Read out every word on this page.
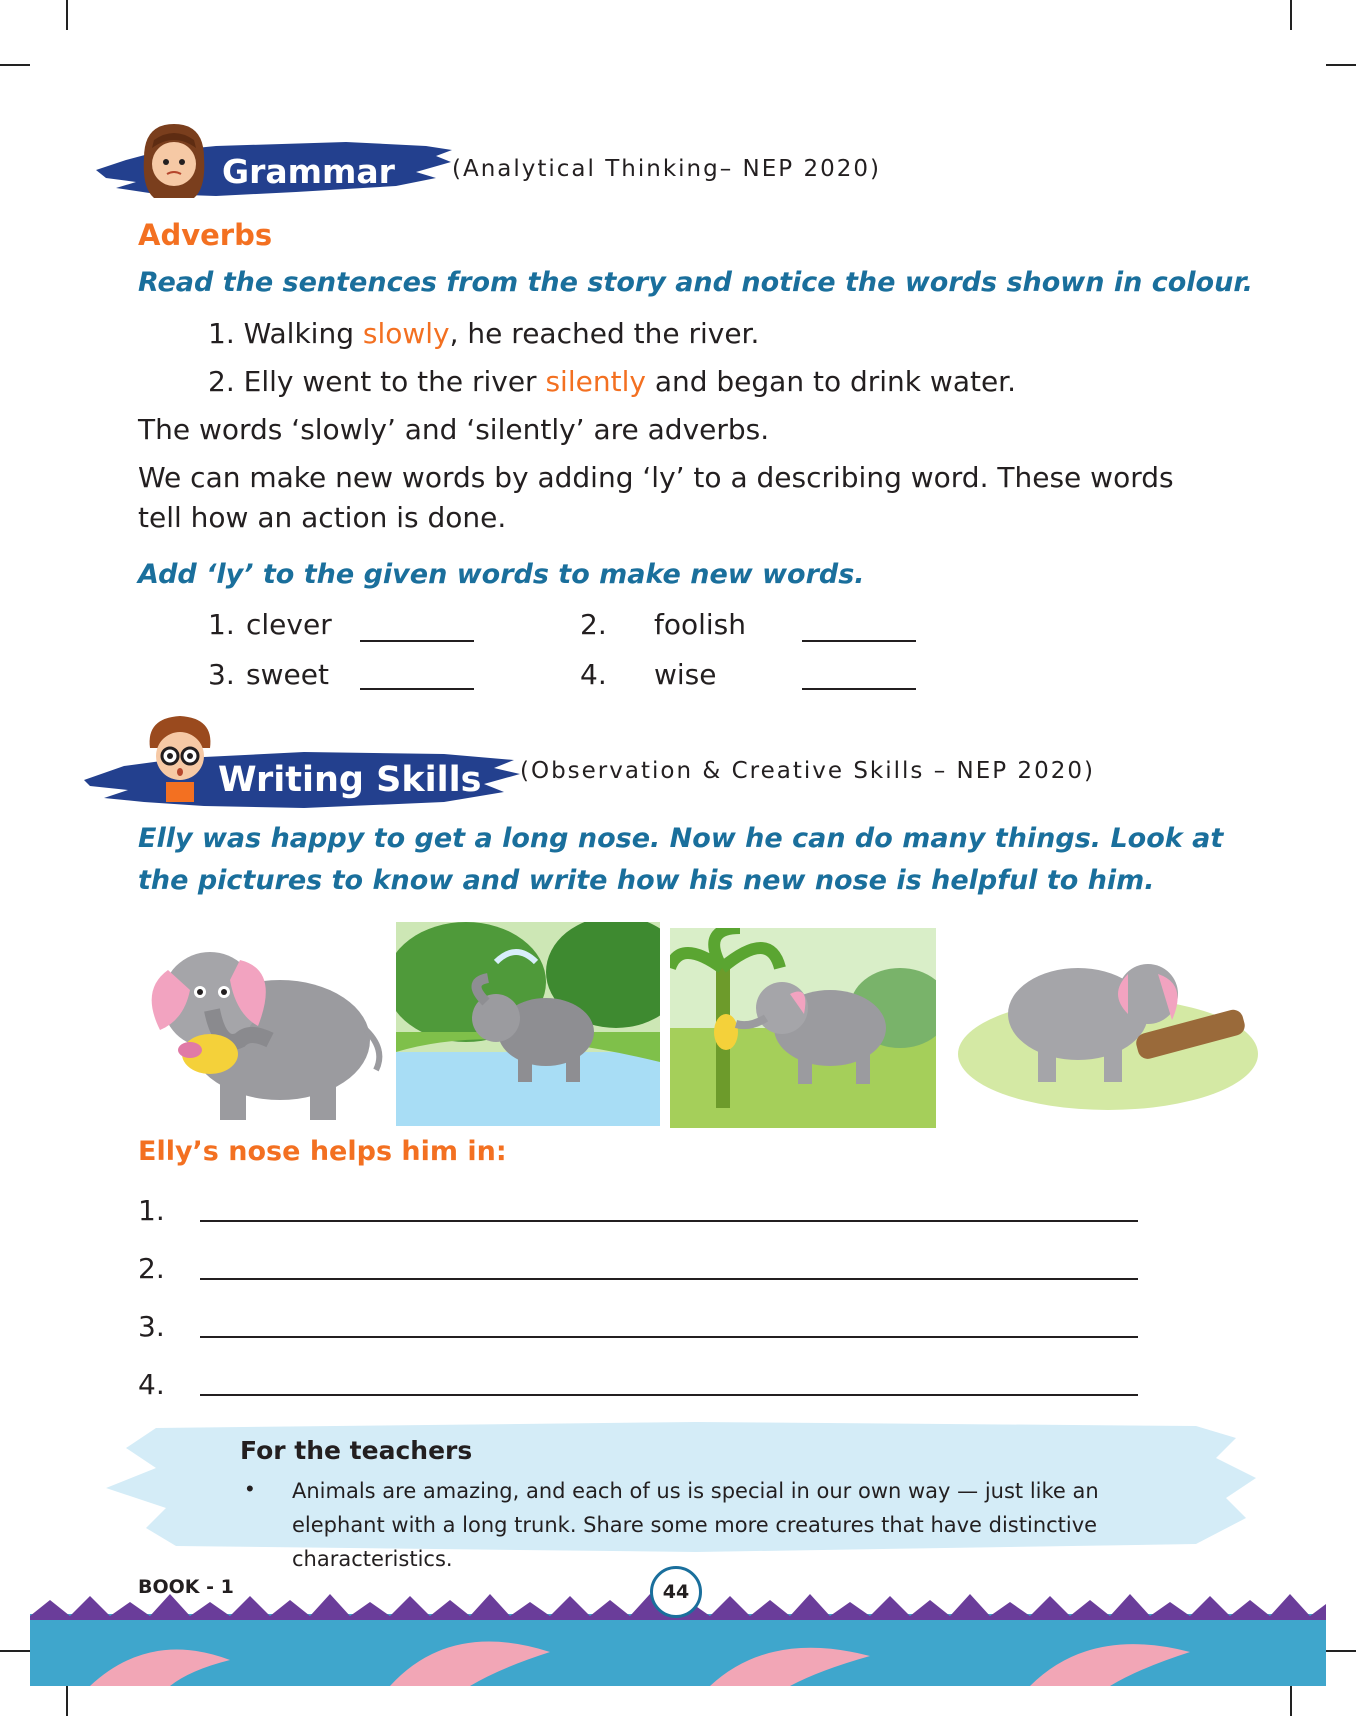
Grammar (Analytical Thinking– NEP 2020)
Adverbs
Read the sentences from the story and notice the words shown in colour.
1. Walking slowly, he reached the river.
2. Elly went to the river silently and began to drink water.
The words ‘slowly’ and ‘silently’ are adverbs.
We can make new words by adding ‘ly’ to a describing word. These words tell how an action is done.
Add ‘ly’ to the given words to make new words.
1. clever	2. foolish
3. sweet	4. wise
Writing Skills (Observation & Creative Skills – NEP 2020)
Elly was happy to get a long nose. Now he can do many things. Look at the pictures to know and write how his new nose is helpful to him.
Elly’s nose helps him in:
1.
2.
3.
4.
For the teachers
• Animals are amazing, and each of us is special in our own way — just like an elephant with a long trunk. Share some more creatures that have distinctive characteristics.
BOOK - 1	44
